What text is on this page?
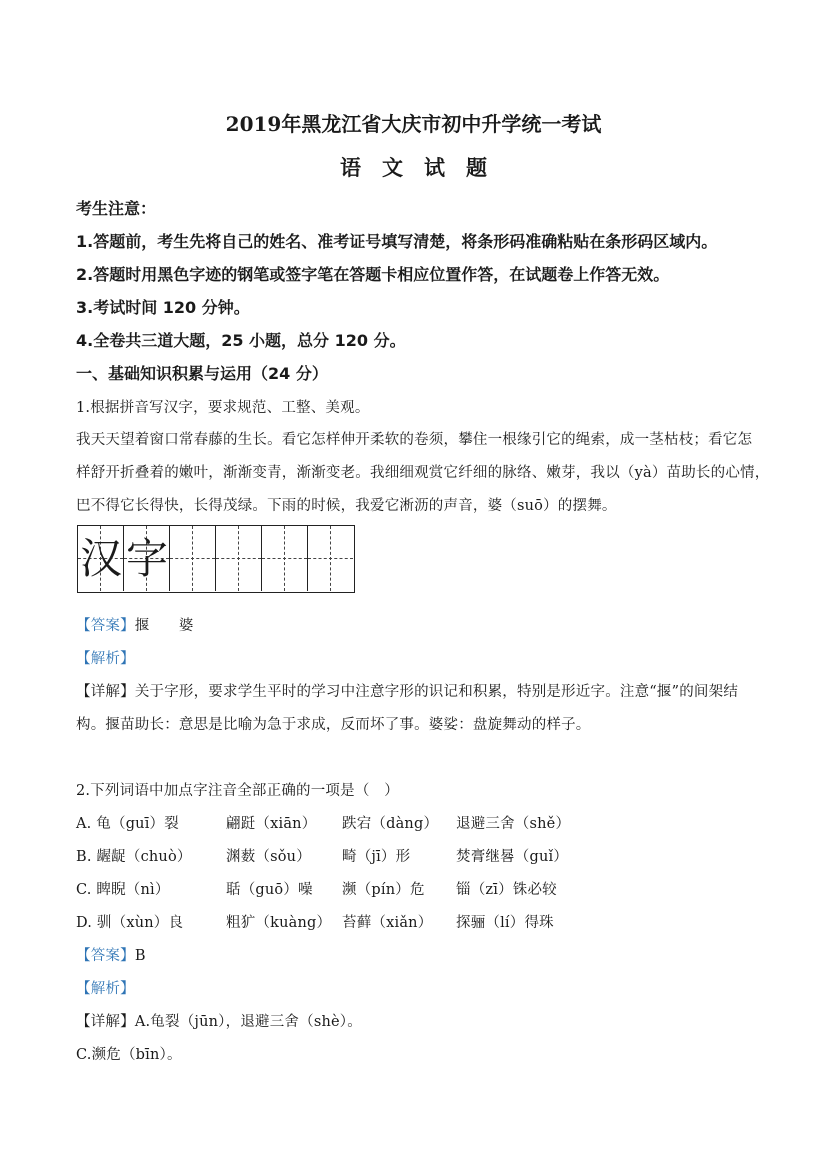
2019年黑龙江省大庆市初中升学统一考试
语　文　试　题
考生注意：
1.答题前，考生先将自己的姓名、准考证号填写清楚，将条形码准确粘贴在条形码区域内。
2.答题时用黑色字迹的钢笔或签字笔在答题卡相应位置作答，在试题卷上作答无效。
3.考试时间 120 分钟。
4.全卷共三道大题，25 小题，总分 120 分。
一、基础知识积累与运用（24 分）
1.根据拼音写汉字，要求规范、工整、美观。
我天天望着窗口常春藤的生长。看它怎样伸开柔软的卷须，攀住一根缘引它的绳索，成一茎枯枝；看它怎
样舒开折叠着的嫩叶，渐渐变青，渐渐变老。我细细观赏它纤细的脉络、嫩芽，我以（yà）苗助长的心情，
巴不得它长得快，长得茂绿。下雨的时候，我爱它淅沥的声音，婆（suō）的摆舞。
汉 字
【答案】揠　　婆
【解析】
【详解】关于字形，要求学生平时的学习中注意字形的识记和积累，特别是形近字。注意“揠”的间架结
构。揠苗助长：意思是比喻为急于求成，反而坏了事。婆娑：盘旋舞动的样子。
2.下列词语中加点字注音全部正确的一项是（　）
A. 龟（guī）裂	翩跹（xiān） 跌宕（dàng） 退避三舍（shě）
B. 龌龊（chuò） 渊薮（sǒu） 畸（jī）形	焚膏继晷（guǐ）
C. 睥睨（nì）	聒（guō）噪 濒（pín）危 锱（zī）铢必较
D. 驯（xùn）良	粗犷（kuàng） 苔藓（xiǎn） 探骊（lí）得珠
【答案】B
【解析】
【详解】A.龟裂（jūn），退避三舍（shè）。
C.濒危（bīn）。
